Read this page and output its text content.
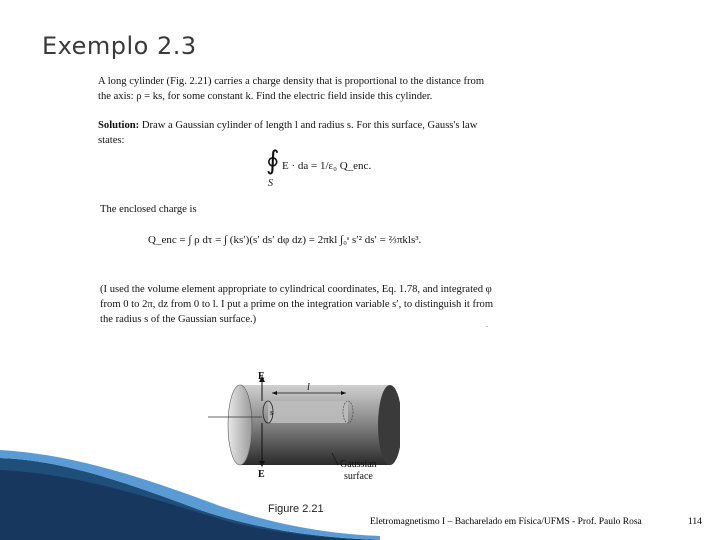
Exemplo 2.3

A long cylinder (Fig. 2.21) carries a charge density that is proportional to the distance from

the axis: ρ = ks, for some constant k. Find the electric field inside this cylinder.

Solution: Draw a Gaussian cylinder of length l and radius s. For this surface, Gauss's law

states:

∮
S
E · da = 1/ε₀ Q_enc.
The enclosed charge is
Q_enc = ∫ ρ dτ = ∫ (ks′)(s′ ds′ dφ dz) = 2πkl ∫₀ˢ s′² ds′ = ⅔πkls³.
(I used the volume element appropriate to cylindrical coordinates, Eq. 1.78, and integrated φ
from 0 to 2π, dz from 0 to l. I put a prime on the integration variable s′, to distinguish it from
the radius s of the Gaussian surface.)	.
E
E
l
s
Gaussian
surface
Figure 2.21
Eletromagnetismo I – Bacharelado em Física/UFMS - Prof. Paulo Rosa	114
